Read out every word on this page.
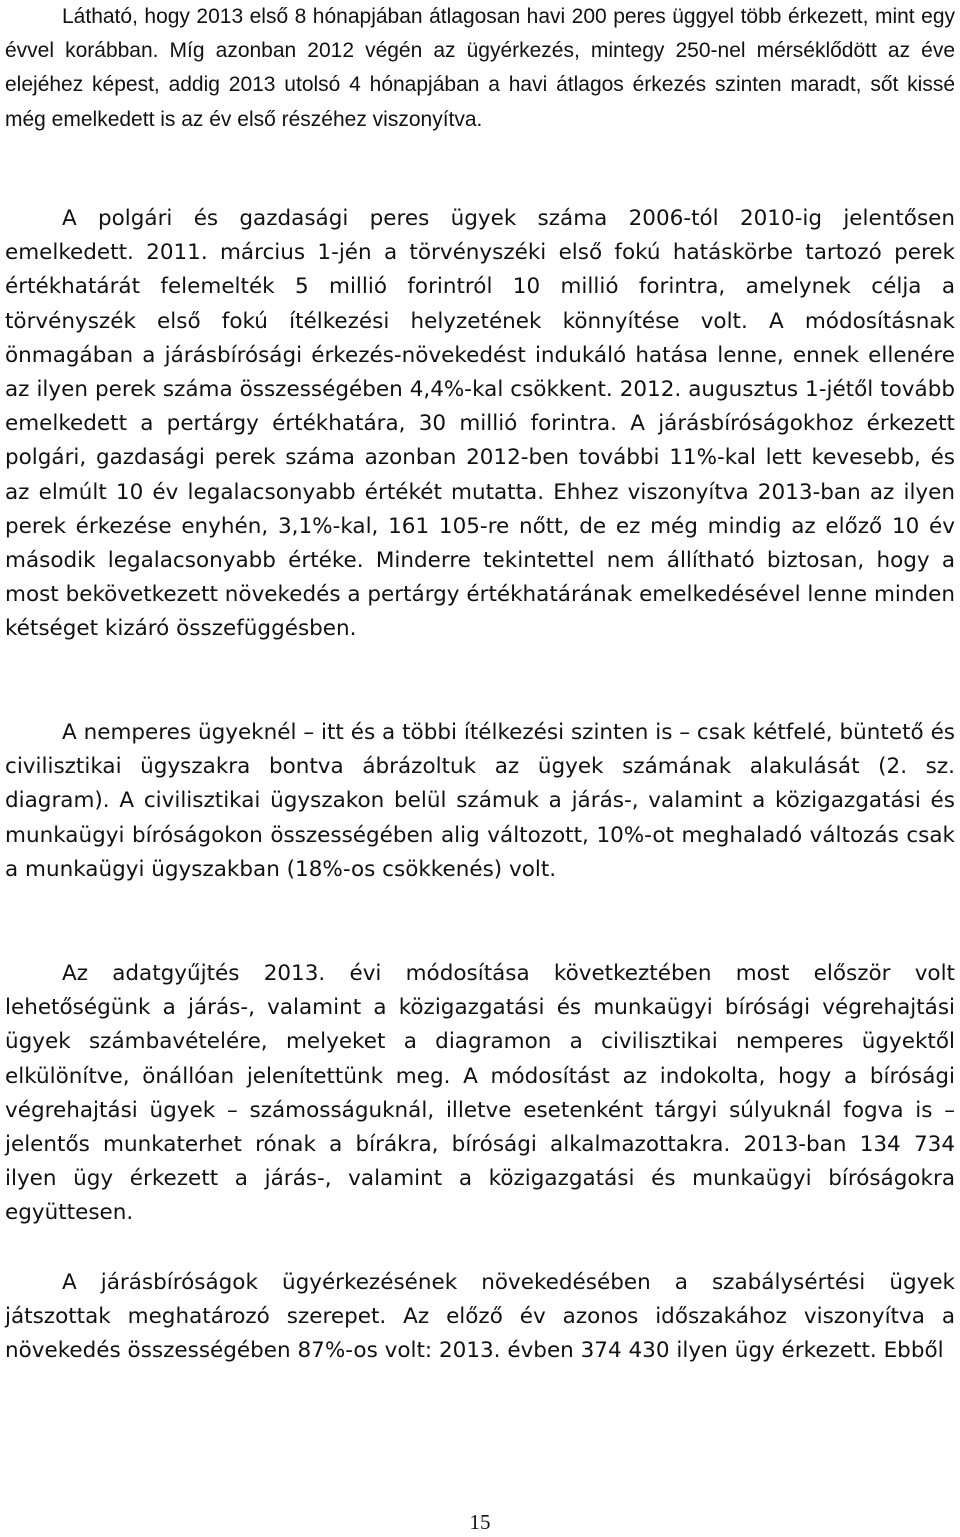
Látható, hogy 2013 első 8 hónapjában átlagosan havi 200 peres üggyel több érkezett, mint egy évvel korábban. Míg azonban 2012 végén az ügyérkezés, mintegy 250-nel mérséklődött az éve elejéhez képest, addig 2013 utolsó 4 hónapjában a havi átlagos érkezés szinten maradt, sőt kissé még emelkedett is az év első részéhez viszonyítva.

A polgári és gazdasági peres ügyek száma 2006-tól 2010-ig jelentősen emelkedett. 2011. március 1-jén a törvényszéki első fokú hatáskörbe tartozó perek értékhatárát felemelték 5 millió forintról 10 millió forintra, amelynek célja a törvényszék első fokú ítélkezési helyzetének könnyítése volt. A módosításnak önmagában a járásbírósági érkezés-növekedést indukáló hatása lenne, ennek ellenére az ilyen perek száma összességében 4,4%-kal csökkent. 2012. augusztus 1-jétől tovább emelkedett a pertárgy értékhatára, 30 millió forintra. A járásbíróságokhoz érkezett polgári, gazdasági perek száma azonban 2012-ben további 11%-kal lett kevesebb, és az elmúlt 10 év legalacsonyabb értékét mutatta. Ehhez viszonyítva 2013-ban az ilyen perek érkezése enyhén, 3,1%-kal, 161 105-re nőtt, de ez még mindig az előző 10 év második legalacsonyabb értéke. Minderre tekintettel nem állítható biztosan, hogy a most bekövetkezett növekedés a pertárgy értékhatárának emelkedésével lenne minden kétséget kizáró összefüggésben.

A nemperes ügyeknél – itt és a többi ítélkezési szinten is – csak kétfelé, büntető és civilisztikai ügyszakra bontva ábrázoltuk az ügyek számának alakulását (2. sz. diagram). A civilisztikai ügyszakon belül számuk a járás-, valamint a közigazgatási és munkaügyi bíróságokon összességében alig változott, 10%-ot meghaladó változás csak a munkaügyi ügyszakban (18%-os csökkenés) volt.

Az adatgyűjtés 2013. évi módosítása következtében most először volt lehetőségünk a járás-, valamint a közigazgatási és munkaügyi bírósági végrehajtási ügyek számbavételére, melyeket a diagramon a civilisztikai nemperes ügyektől elkülönítve, önállóan jelenítettünk meg. A módosítást az indokolta, hogy a bírósági végrehajtási ügyek – számosságuknál, illetve esetenként tárgyi súlyuknál fogva is – jelentős munkaterhet rónak a bírákra, bírósági alkalmazottakra. 2013-ban 134 734 ilyen ügy érkezett a járás-, valamint a közigazgatási és munkaügyi bíróságokra együttesen.

A járásbíróságok ügyérkezésének növekedésében a szabálysértési ügyek játszottak meghatározó szerepet. Az előző év azonos időszakához viszonyítva a növekedés összességében 87%-os volt: 2013. évben 374 430 ilyen ügy érkezett. Ebből

15
